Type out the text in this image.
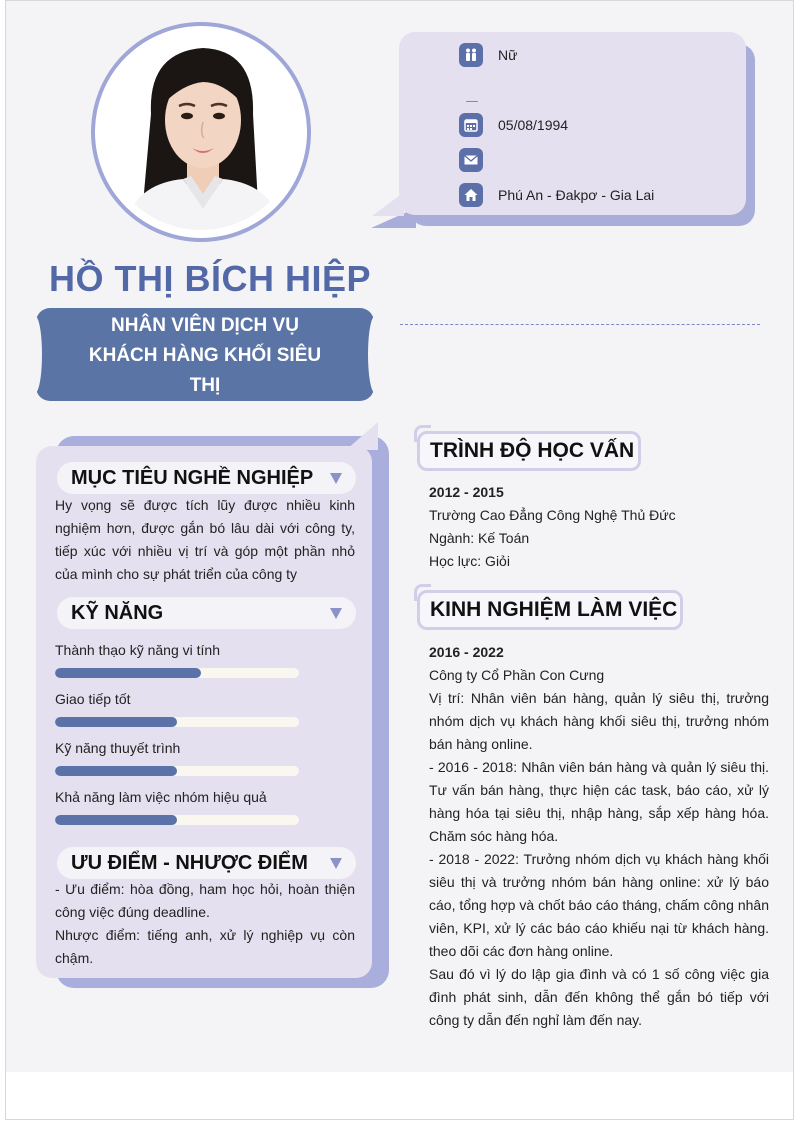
Nữ
05/08/1994
Phú An - Đakpơ - Gia Lai
HỒ THỊ BÍCH HIỆP
NHÂN VIÊN DỊCH VỤ KHÁCH HÀNG KHỐI SIÊU THỊ
MỤC TIÊU NGHỀ NGHIỆP
Hy vọng sẽ được tích lũy được nhiều kinh nghiệm hơn, được gắn bó lâu dài với công ty, tiếp xúc với nhiều vị trí và góp một phần nhỏ của mình cho sự phát triển của công ty
KỸ NĂNG
Thành thạo kỹ năng vi tính
Giao tiếp tốt
Kỹ năng thuyết trình
Khả năng làm việc nhóm hiệu quả
ƯU ĐIỂM - NHƯỢC ĐIỂM
- Ưu điểm: hòa đồng, ham học hỏi, hoàn thiện công việc đúng deadline.
Nhược điểm: tiếng anh, xử lý nghiệp vụ còn chậm.
TRÌNH ĐỘ HỌC VẤN
2012 - 2015
Trường Cao Đẳng Công Nghệ Thủ Đức
Ngành: Kế Toán
Học lực: Giỏi
KINH NGHIỆM LÀM VIỆC
2016 - 2022
Công ty Cổ Phần Con Cưng
Vị trí: Nhân viên bán hàng, quản lý siêu thị, trưởng nhóm dịch vụ khách hàng khối siêu thị, trưởng nhóm bán hàng online.
- 2016 - 2018: Nhân viên bán hàng và quản lý siêu thị. Tư vấn bán hàng, thực hiện các task, báo cáo, xử lý hàng hóa tại siêu thị, nhập hàng, sắp xếp hàng hóa. Chăm sóc hàng hóa.
- 2018 - 2022: Trưởng nhóm dịch vụ khách hàng khối siêu thị và trưởng nhóm bán hàng online: xử lý báo cáo, tổng hợp và chốt báo cáo tháng, chấm công nhân viên, KPI, xử lý các báo cáo khiếu nại từ khách hàng. theo dõi các đơn hàng online.
Sau đó vì lý do lập gia đình và có 1 số công việc gia đình phát sinh, dẫn đến không thể gắn bó tiếp với công ty dẫn đến nghỉ làm đến nay.
